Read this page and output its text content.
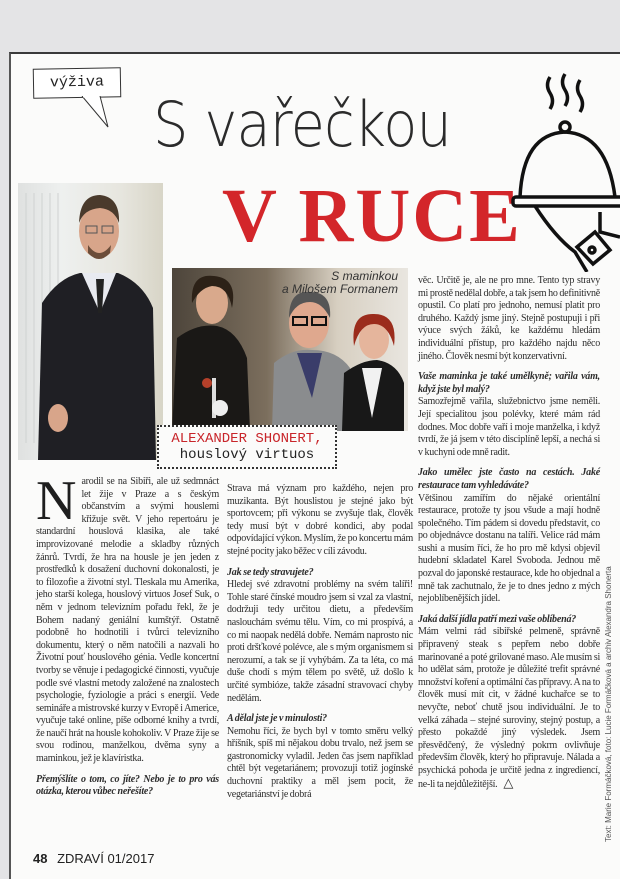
výživa
S vařečkou
V RUCE
S maminkou
a Milošem Formanem
ALEXANDER SHONERT,
houslový virtuos

Narodil se na Sibiři, ale už sedmnáct let žije v Praze a s českým občanstvím a svými houslemi křižuje svět. V jeho repertoáru je standardní houslová klasika, ale také improvizované melodie a skladby různých žánrů. Tvrdí, že hra na housle je jen jeden z prostředků k dosažení duchovní dokonalosti, je to filozofie a životní styl. Tleskala mu Amerika, jeho starší kolega, houslový virtuos Josef Suk, o něm v jednom televizním pořadu řekl, že je Bohem nadaný geniální kumštýř. Ostatně podobně ho hodnotili i tvůrci televizního dokumentu, který o něm natočili a nazvali ho Životní pouť houslového génia. Vedle koncertní tvorby se věnuje i pedagogické činnosti, vyučuje podle své vlastní metody založené na znalostech psychologie, fyziologie a práci s energií. Vede semináře a mistrovské kurzy v Evropě i Americe, vyučuje také online, píše odborné knihy a tvrdí, že naučí hrát na housle kohokoliv. V Praze žije se svou rodinou, manželkou, dvěma syny a maminkou, jež je klavíristka.

Přemýšlíte o tom, co jíte? Nebo je to pro vás otázka, kterou vůbec neřešíte?

Strava má význam pro každého, nejen pro muzikanta. Být houslistou je stejné jako být sportovcem; při výkonu se zvyšuje tlak, člověk tedy musí být v dobré kondici, aby podal odpovídající výkon. Myslím, že po koncertu mám stejné pocity jako běžec v cíli závodu.

Jak se tedy stravujete?

Hledej své zdravotní problémy na svém talíři! Tohle staré čínské moudro jsem si vzal za vlastní, dodržuji tedy určitou dietu, a především naslouchám svému tělu. Vím, co mi prospívá, a co mi naopak nedělá dobře. Nemám naprosto nic proti dršťkové polévce, ale s mým organismem si nerozumí, a tak se jí vyhýbám. Za ta léta, co má duše chodí s mým tělem po světě, už došlo k určité symbióze, takže zásadní stravovací chyby nedělám.

A dělal jste je v minulosti?

Nemohu říci, že bych byl v tomto směru velký hříšník, spíš mi nějakou dobu trvalo, než jsem se gastronomicky vyladil. Jeden čas jsem například chtěl být vegetariánem; provozuji totiž jogínské duchovní praktiky a měl jsem pocit, že vegetariánství je dobrá

věc. Určitě je, ale ne pro mne. Tento typ stravy mi prostě nedělal dobře, a tak jsem ho definitivně opustil. Co platí pro jednoho, nemusí platit pro druhého. Každý jsme jiný. Stejně postupuji i při výuce svých žáků, ke každému hledám individuální přístup, pro každého najdu něco jiného. Člověk nesmí být konzervativní.

Vaše maminka je také umělkyně; vařila vám, když jste byl malý?

Samozřejmě vařila, služebnictvo jsme neměli. Její specialitou jsou polévky, které mám rád dodnes. Moc dobře vaří i moje manželka, i když tvrdí, že já jsem v této disciplíně lepší, a nechá si v kuchyni ode mně radit.

Jako umělec jste často na cestách. Jaké restaurace tam vyhledáváte?

Většinou zamířím do nějaké orientální restaurace, protože ty jsou všude a mají hodně společného. Tím pádem si dovedu představit, co po objednávce dostanu na talíři. Velice rád mám sushi a musím říci, že ho pro mě kdysi objevil hudební skladatel Karel Svoboda. Jednou mě pozval do japonské restaurace, kde ho objednal a mně tak zachutnalo, že je to dnes jedno z mých nejoblíbenějších jídel.

Jaká další jídla patří mezi vaše oblíbená?

Mám velmi rád sibiřské pelmeně, správně připravený steak s pepřem nebo dobře marinované a poté grilované maso. Ale musím si ho udělat sám, protože je důležité trefit správné množství koření a optimální čas přípravy. A na to člověk musí mít cit, v žádné kuchařce se to nevyčte, neboť chutě jsou individuální. Je to velká záhada – stejné suroviny, stejný postup, a přesto pokaždé jiný výsledek. Jsem přesvědčený, že výsledný pokrm ovlivňuje především člověk, který ho připravuje. Nálada a psychická pohoda je určitě jedna z ingrediencí, ne-li ta nejdůležitější. △

48 ZDRAVÍ 01/2017
Text: Marie Formáčková, foto: Lucie Formáčková a archiv Alexandra Shonerta
